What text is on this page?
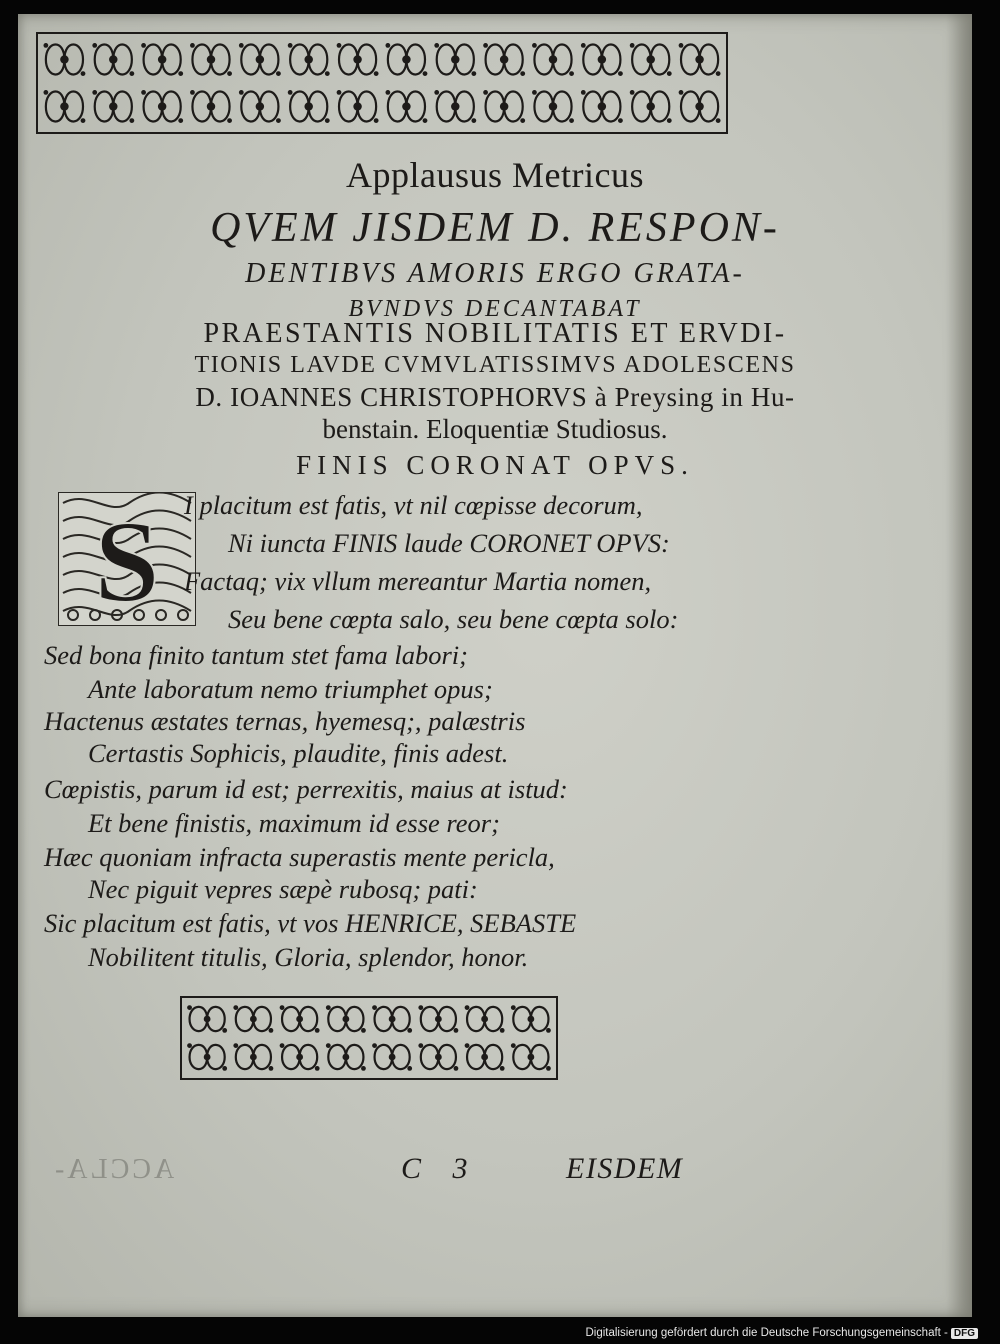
Applausus Metricus
QVEM JISDEM D. RESPON-
DENTIBVS AMORIS ERGO GRATA-
BVNDVS DECANTABAT
PRAESTANTIS NOBILITATIS ET ERVDI-
TIONIS LAVDE CVMVLATISSIMVS ADOLESCENS
D. IOANNES CHRISTOPHORVS à Preysing in Hu-
benstain. Eloquentiæ Studiosus.
FINIS CORONAT OPVS.
S I placitum est fatis, vt nil cœpisse decorum,
Ni iuncta FINIS laude CORONET OPVS:
Factaq; vix vllum mereantur Martia nomen,
Seu bene cœpta salo, seu bene cœpta solo:
Sed bona finito tantum stet fama labori;
Ante laboratum nemo triumphet opus;
Hactenus æstates ternas, hyemesq;, palæstris
Certastis Sophicis, plaudite, finis adest.
Cœpistis, parum id est; perrexitis, maius at istud:
Et bene finistis, maximum id esse reor;
Hæc quoniam infracta superastis mente pericla,
Nec piguit vepres sæpè rubosq; pati:
Sic placitum est fatis, vt vos HENRICE, SEBASTE
Nobilitent titulis, Gloria, splendor, honor.
ACCLA-	C 3	EISDEM
Digitalisierung gefördert durch die Deutsche Forschungsgemeinschaft - DFG
